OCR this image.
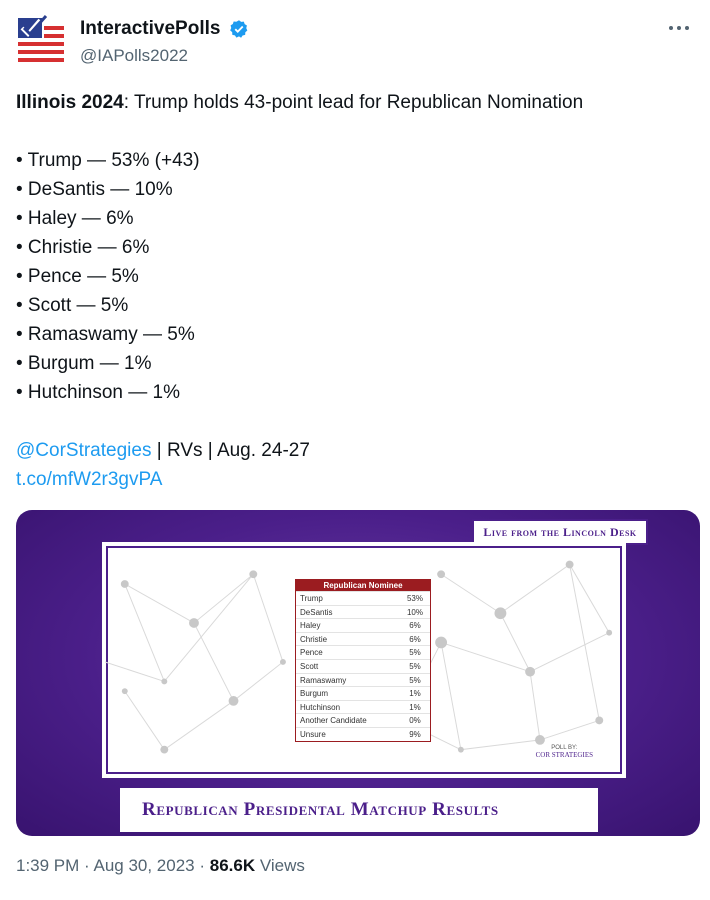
InteractivePolls
@IAPolls2022
Illinois 2024: Trump holds 43-point lead for Republican Nomination
• Trump — 53% (+43)
• DeSantis — 10%
• Haley — 6%
• Christie — 6%
• Pence — 5%
• Scott — 5%
• Ramaswamy — 5%
• Burgum — 1%
• Hutchinson — 1%
@CorStrategies | RVs | Aug. 24-27
t.co/mfW2r3gvPA
Live from the Lincoln Desk
Republican Nominee
Trump	53%
DeSantis	10%
Haley	6%
Christie	6%
Pence	5%
Scott	5%
Ramaswamy	5%
Burgum	1%
Hutchinson	1%
Another Candidate	0%
Unsure	9%
POLL BY:
COR STRATEGIES
Republican Presidental Matchup Results
1:39 PM · Aug 30, 2023 · 86.6K Views
